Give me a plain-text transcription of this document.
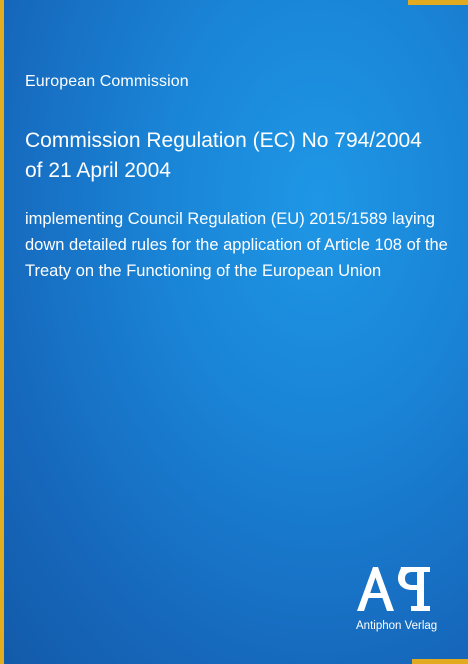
European Commission
Commission Regulation (EC) No 794/2004 of 21 April 2004

implementing Council Regulation (EU) 2015/1589 laying down detailed rules for the application of Article 108 of the Treaty on the Functioning of the European Union

Antiphon Verlag
